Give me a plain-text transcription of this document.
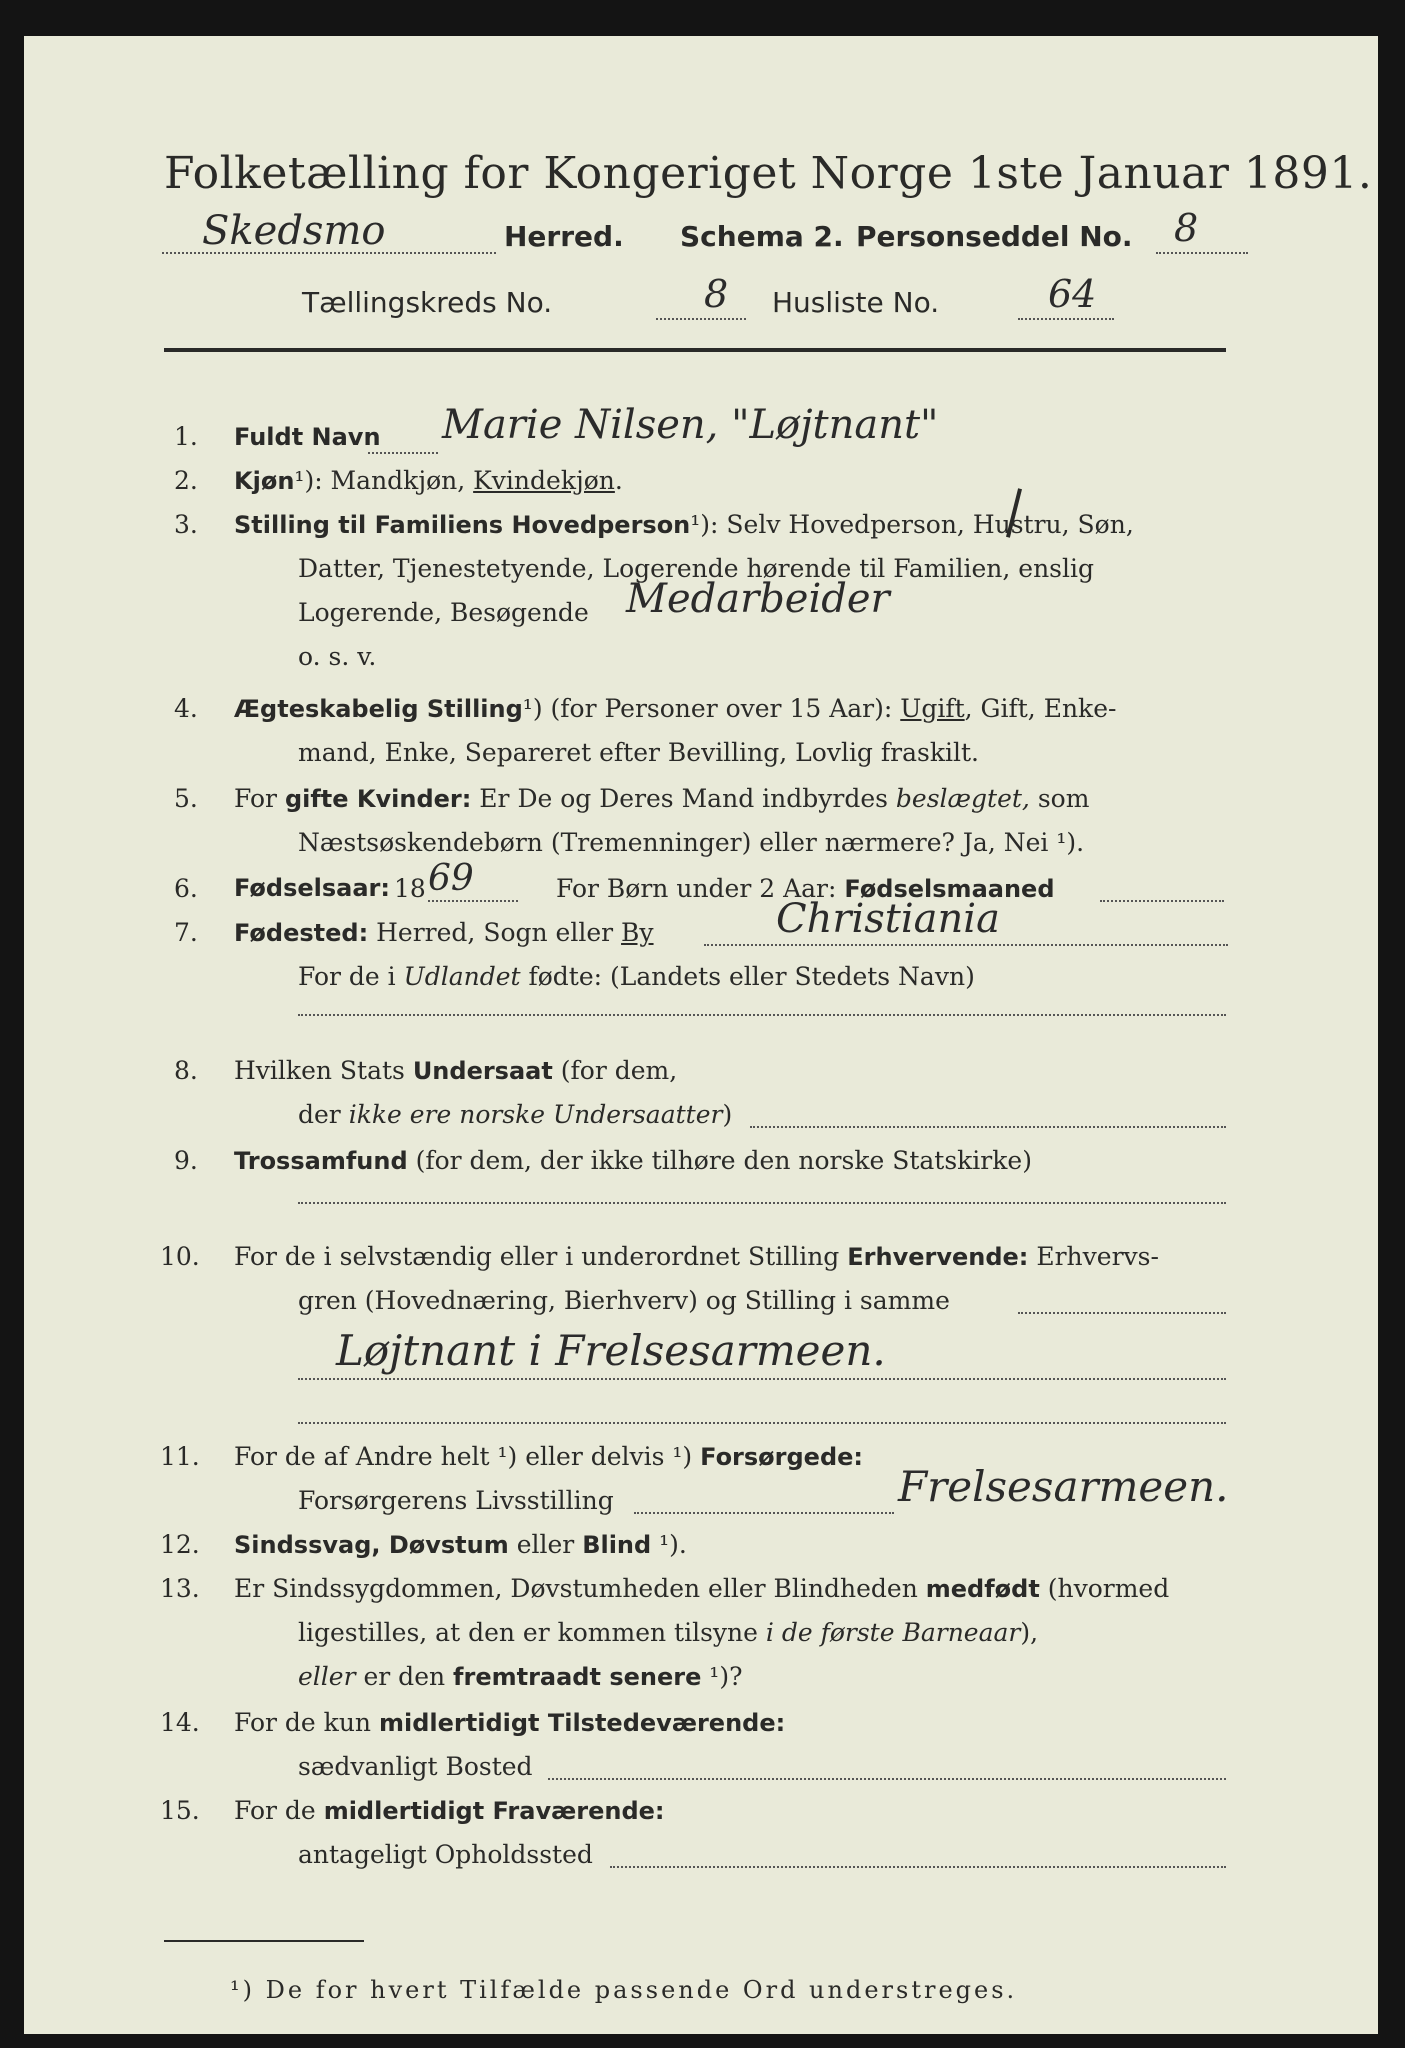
Folketælling for Kongeriget Norge 1ste Januar 1891.
Skedsmo	Herred. Schema 2. Personseddel No. 8
Tællingskreds No.	8 Husliste No.	64
1. Fuldt Navn Marie Nilsen, "Løjtnant"
2. Kjøn¹): Mandkjøn, Kvindekjøn.
3. Stilling til Familiens Hovedperson¹): Selv Hovedperson, Hustru, Søn,
Datter, Tjenestetyende, Logerende hørende til Familien, enslig
Logerende, Besøgende Medarbeider
o. s. v.
4. Ægteskabelig Stilling¹) (for Personer over 15 Aar): Ugift, Gift, Enke-
mand, Enke, Separeret efter Bevilling, Lovlig fraskilt.
5. For gifte Kvinder: Er De og Deres Mand indbyrdes beslægtet, som
Næstsøskendebørn (Tremenninger) eller nærmere? Ja, Nei ¹).
6. Fødselsaar: 18 69	For Børn under 2 Aar: Fødselsmaaned
7. Fødested: Herred, Sogn eller By	Christiania
For de i Udlandet fødte: (Landets eller Stedets Navn)
8. Hvilken Stats Undersaat (for dem,
der ikke ere norske Undersaatter)
9. Trossamfund (for dem, der ikke tilhøre den norske Statskirke)
10. For de i selvstændig eller i underordnet Stilling Erhvervende: Erhvervs-
gren (Hovednæring, Bierhverv) og Stilling i samme
Løjtnant i Frelsesarmeen.
11. For de af Andre helt ¹) eller delvis ¹) Forsørgede:
Forsørgerens Livsstilling	Frelsesarmeen.
12. Sindssvag, Døvstum eller Blind ¹).
13. Er Sindssygdommen, Døvstumheden eller Blindheden medfødt (hvormed
ligestilles, at den er kommen tilsyne i de første Barneaar),
eller er den fremtraadt senere ¹)?
14. For de kun midlertidigt Tilstedeværende:
sædvanligt Bosted
15. For de midlertidigt Fraværende:
antageligt Opholdssted
¹) De for hvert Tilfælde passende Ord understreges.
